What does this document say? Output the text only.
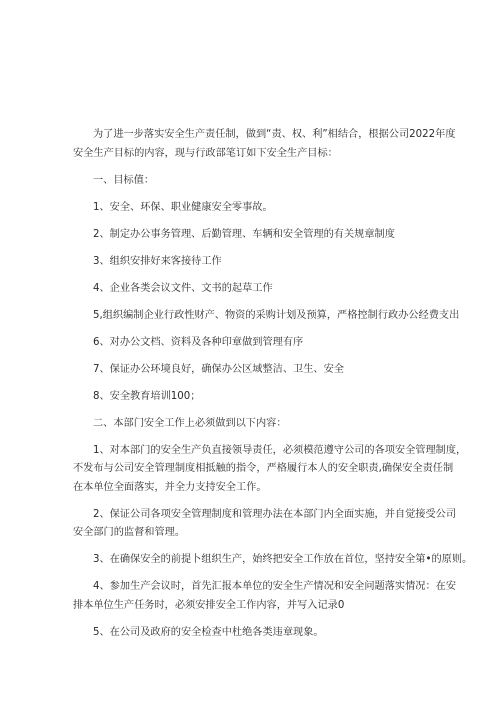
为了进一步落实安全生产责任制，做到“责、权、利”相结合，根据公司2022年度
安全生产目标的内容，现与行政部笔订如下安全生产目标：
一、目标值：
1、安全、环保、职业健康安全零事故。
2、制定办公事务管理、后勤管理、车辆和安全管理的有关规章制度
3、组织安排好来客接待工作
4、企业各类会议文件、文书的起草工作
5,组织编制企业行政性财产、物资的采购计划及预算，严格控制行政办公经费支出
6、对办公文档、资料及各种印章做到管理有序
7、保证办公环境良好，确保办公区域整洁、卫生、安全
8、安全教育培训100；
二、本部门安全工作上必须做到以下内容：
1、对本部门的安全生产负直接领导责任，必须模范遵守公司的各项安全管理制度，
不发布与公司安全管理制度相抵触的指令，严格履行本人的安全职责,确保安全责任制
在本单位全面落实，并全力支持安全工作。
2、保证公司各项安全管理制度和管理办法在本部门内全面实施，并自觉接受公司
安全部门的监督和管理。
3、在确保安全的前提卜组织生产，始终把安全工作放在首位，坚持安全第•的原则。
4、参加生产会议时，首先汇报本单位的安全生产情况和安全问题落实情况：在安
排本单位生产任务时，必须安排安全工作内容，并写入记录0
5、在公司及政府的安全检查中杜绝各类违章现象。
